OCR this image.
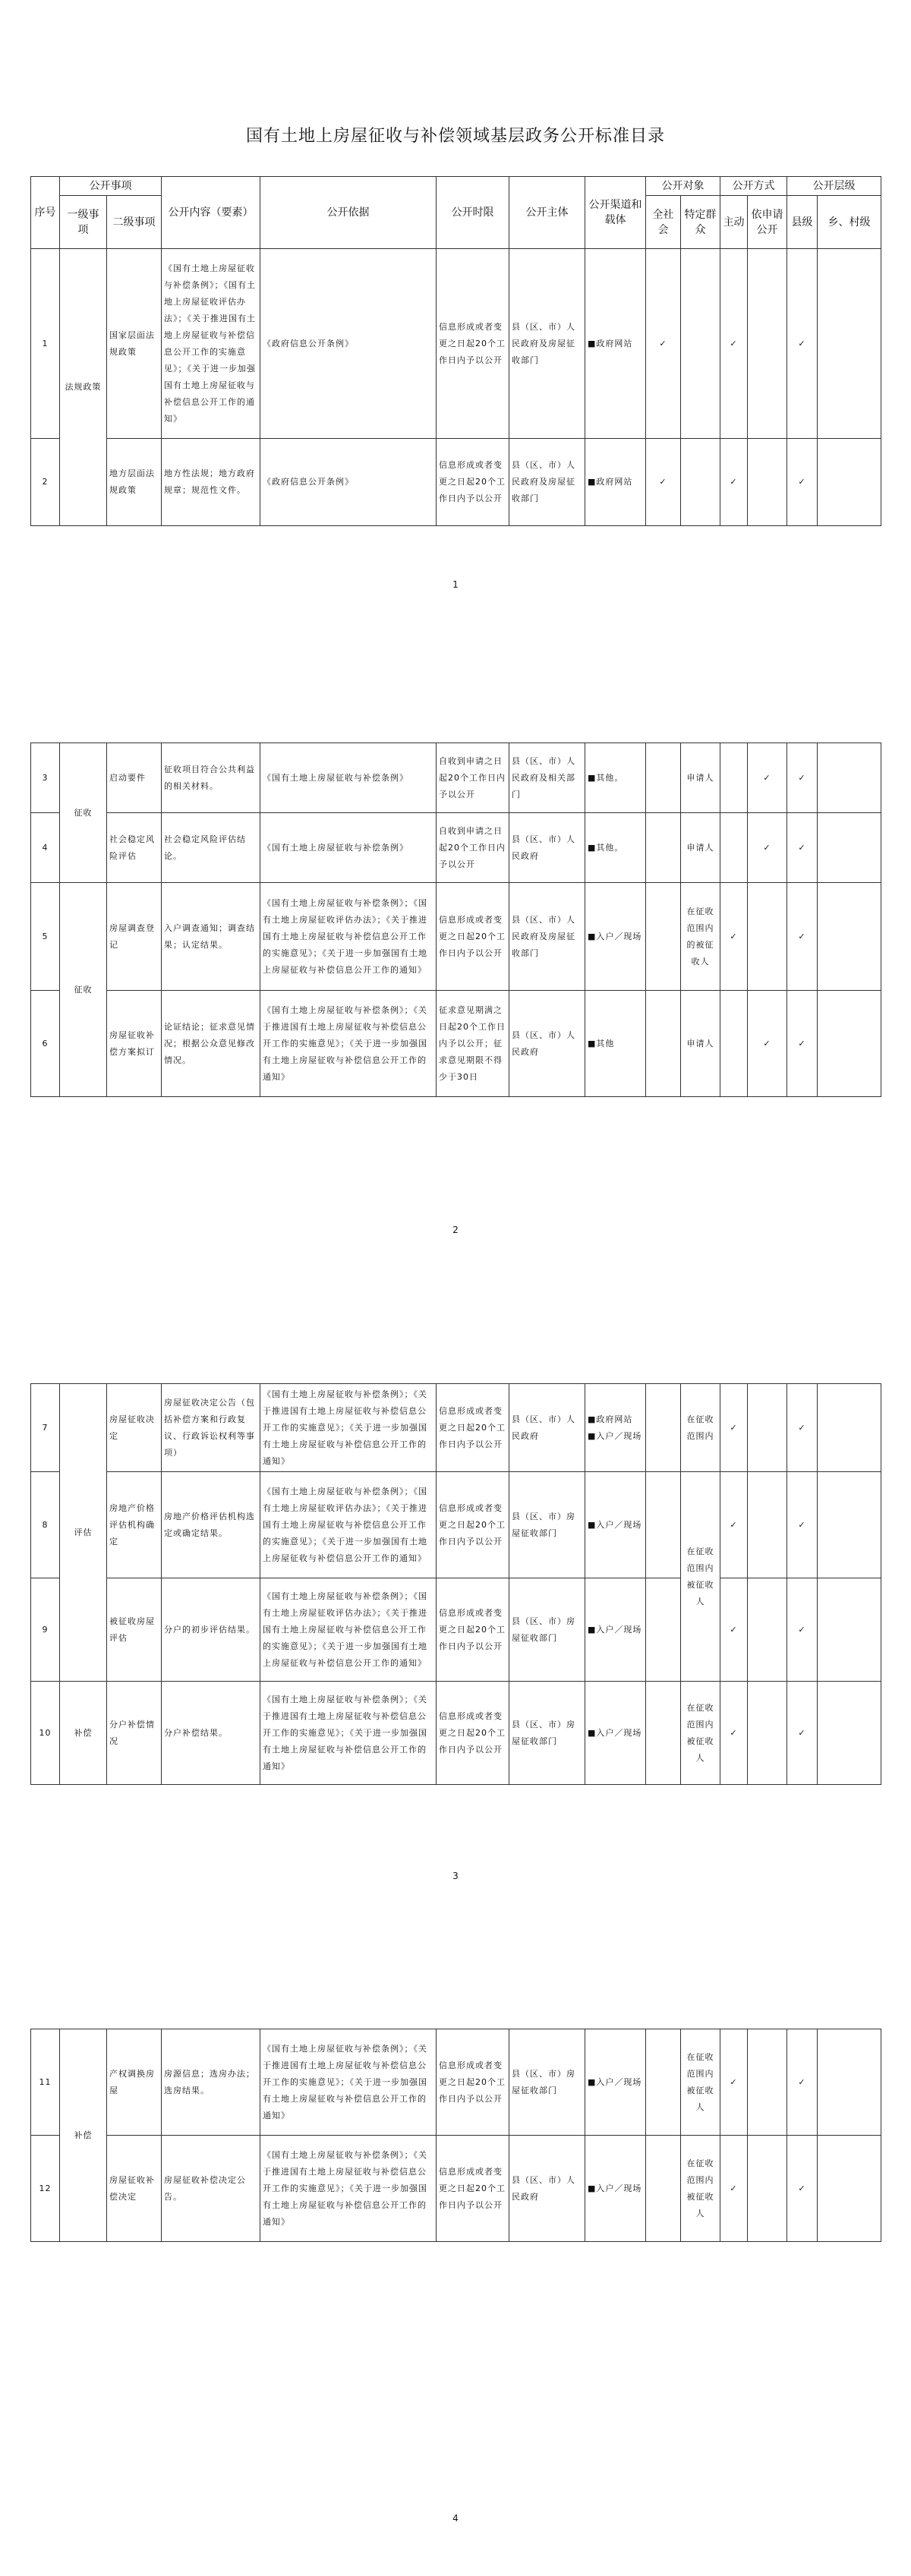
国有土地上房屋征收与补偿领域基层政务公开标准目录
序号	公开事项		公开内容（要素）	公开依据	公开时限	公开主体	公开渠道和载体	公开对象		公开方式		公开层级	
	一级事项	二级事项						全社会	特定群众	主动	依申请公开	县级	乡、村级
1	法规政策	国家层面法规政策	《国有土地上房屋征收与补偿条例》；《国有土地上房屋征收评估办法》；《关于推进国有土地上房屋征收与补偿信息公开工作的实施意见》；《关于进一步加强国有土地上房屋征收与补偿信息公开工作的通知》	《政府信息公开条例》	信息形成或者变更之日起20个工作日内予以公开	县（区、市）人民政府及房屋征收部门	■政府网站	✓		✓		✓	
2		地方层面法规政策	地方性法规；地方政府规章；规范性文件。	《政府信息公开条例》	信息形成或者变更之日起20个工作日内予以公开	县（区、市）人民政府及房屋征收部门	■政府网站	✓		✓		✓	
1
3	征收	启动要件	征收项目符合公共利益的相关材料。	《国有土地上房屋征收与补偿条例》	自收到申请之日起20个工作日内予以公开	县（区、市）人民政府及相关部门	■其他。		申请人		✓	✓	
4		社会稳定风险评估	社会稳定风险评估结论。	《国有土地上房屋征收与补偿条例》	自收到申请之日起20个工作日内予以公开	县（区、市）人民政府	■其他。		申请人		✓	✓	
5	征收	房屋调查登记	入户调查通知；调查结果；认定结果。	《国有土地上房屋征收与补偿条例》；《国有土地上房屋征收评估办法》；《关于推进国有土地上房屋征收与补偿信息公开工作的实施意见》；《关于进一步加强国有土地上房屋征收与补偿信息公开工作的通知》	信息形成或者变更之日起20个工作日内予以公开	县（区、市）人民政府及房屋征收部门	■入户／现场		在征收范围内的被征收人	✓		✓	
6		房屋征收补偿方案拟订	论证结论；征求意见情况；根据公众意见修改情况。	《国有土地上房屋征收与补偿条例》；《关于推进国有土地上房屋征收与补偿信息公开工作的实施意见》；《关于进一步加强国有土地上房屋征收与补偿信息公开工作的通知》	征求意见期满之日起20个工作日内予以公开；征求意见期限不得少于30日	县（区、市）人民政府	■其他		申请人		✓	✓	
2
7	评估	房屋征收决定	房屋征收决定公告（包括补偿方案和行政复议、行政诉讼权利等事项）	《国有土地上房屋征收与补偿条例》；《关于推进国有土地上房屋征收与补偿信息公开工作的实施意见》；《关于进一步加强国有土地上房屋征收与补偿信息公开工作的通知》	信息形成或者变更之日起20个工作日内予以公开	县（区、市）人民政府	■政府网站 ■入户／现场		在征收范围内	✓		✓	
8		房地产价格评估机构确定	房地产价格评估机构选定或确定结果。	《国有土地上房屋征收与补偿条例》；《国有土地上房屋征收评估办法》；《关于推进国有土地上房屋征收与补偿信息公开工作的实施意见》；《关于进一步加强国有土地上房屋征收与补偿信息公开工作的通知》	信息形成或者变更之日起20个工作日内予以公开	县（区、市）房屋征收部门	■入户／现场		在征收范围内被征收人	✓		✓	
9		被征收房屋评估	分户的初步评估结果。	《国有土地上房屋征收与补偿条例》；《国有土地上房屋征收评估办法》；《关于推进国有土地上房屋征收与补偿信息公开工作的实施意见》；《关于进一步加强国有土地上房屋征收与补偿信息公开工作的通知》	信息形成或者变更之日起20个工作日内予以公开	县（区、市）房屋征收部门	■入户／现场			✓		✓	
10	补偿	分户补偿情况	分户补偿结果。	《国有土地上房屋征收与补偿条例》；《关于推进国有土地上房屋征收与补偿信息公开工作的实施意见》；《关于进一步加强国有土地上房屋征收与补偿信息公开工作的通知》	信息形成或者变更之日起20个工作日内予以公开	县（区、市）房屋征收部门	■入户／现场		在征收范围内被征收人	✓		✓	
3
11	补偿	产权调换房屋	房源信息；选房办法；选房结果。	《国有土地上房屋征收与补偿条例》；《关于推进国有土地上房屋征收与补偿信息公开工作的实施意见》；《关于进一步加强国有土地上房屋征收与补偿信息公开工作的通知》	信息形成或者变更之日起20个工作日内予以公开	县（区、市）房屋征收部门	■入户／现场		在征收范围内被征收人	✓		✓	
12		房屋征收补偿决定	房屋征收补偿决定公告。	《国有土地上房屋征收与补偿条例》；《关于推进国有土地上房屋征收与补偿信息公开工作的实施意见》；《关于进一步加强国有土地上房屋征收与补偿信息公开工作的通知》	信息形成或者变更之日起20个工作日内予以公开	县（区、市）人民政府	■入户／现场		在征收范围内被征收人	✓		✓	
4
